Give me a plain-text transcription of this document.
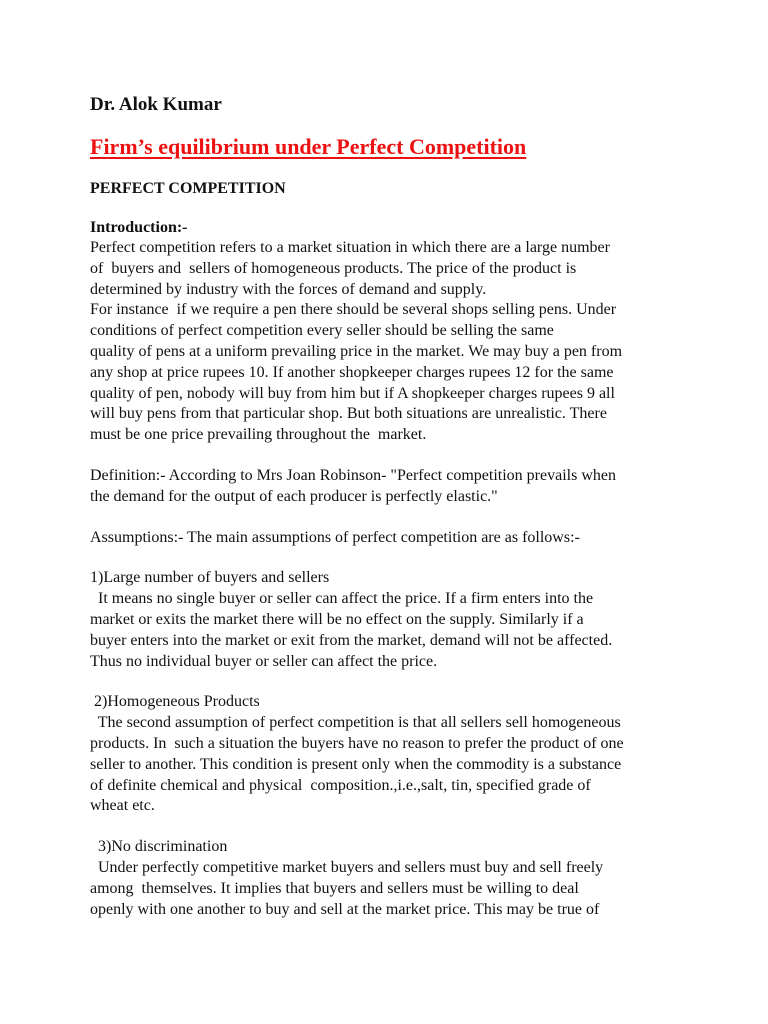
Dr. Alok Kumar

Firm’s equilibrium under Perfect Competition

PERFECT COMPETITION

Introduction:-

Perfect competition refers to a market situation in which there are a large number

of  buyers and  sellers of homogeneous products. The price of the product is

determined by industry with the forces of demand and supply.

For instance  if we require a pen there should be several shops selling pens. Under

conditions of perfect competition every seller should be selling the same

quality of pens at a uniform prevailing price in the market. We may buy a pen from

any shop at price rupees 10. If another shopkeeper charges rupees 12 for the same

quality of pen, nobody will buy from him but if A shopkeeper charges rupees 9 all

will buy pens from that particular shop. But both situations are unrealistic. There

must be one price prevailing throughout the  market.

Definition:- According to Mrs Joan Robinson- "Perfect competition prevails when

the demand for the output of each producer is perfectly elastic."

Assumptions:- The main assumptions of perfect competition are as follows:-

1)Large number of buyers and sellers

It means no single buyer or seller can affect the price. If a firm enters into the

market or exits the market there will be no effect on the supply. Similarly if a

buyer enters into the market or exit from the market, demand will not be affected.

Thus no individual buyer or seller can affect the price.

2)Homogeneous Products

The second assumption of perfect competition is that all sellers sell homogeneous

products. In  such a situation the buyers have no reason to prefer the product of one

seller to another. This condition is present only when the commodity is a substance

of definite chemical and physical  composition.,i.e.,salt, tin, specified grade of

wheat etc.

3)No discrimination

Under perfectly competitive market buyers and sellers must buy and sell freely

among  themselves. It implies that buyers and sellers must be willing to deal

openly with one another to buy and sell at the market price. This may be true of
